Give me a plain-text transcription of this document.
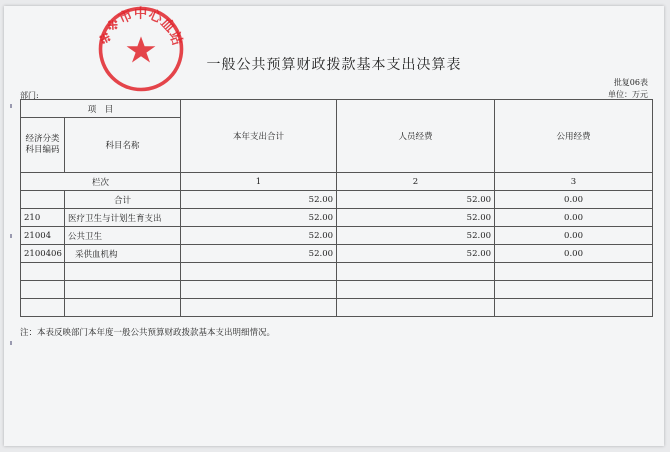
※※市中心血站
一般公共预算财政拨款基本支出决算表
批复06表
部门:	单位：万元
项　目		本年支出合计	人员经费	公用经费
经济分类科目编码	科目名称			
栏次		1	2	3
	合计	52.00	52.00	0.00
210	医疗卫生与计划生育支出	52.00	52.00	0.00
21004	公共卫生	52.00	52.00	0.00
2100406	采供血机构	52.00	52.00	0.00

注：本表反映部门本年度一般公共预算财政拨款基本支出明细情况。
